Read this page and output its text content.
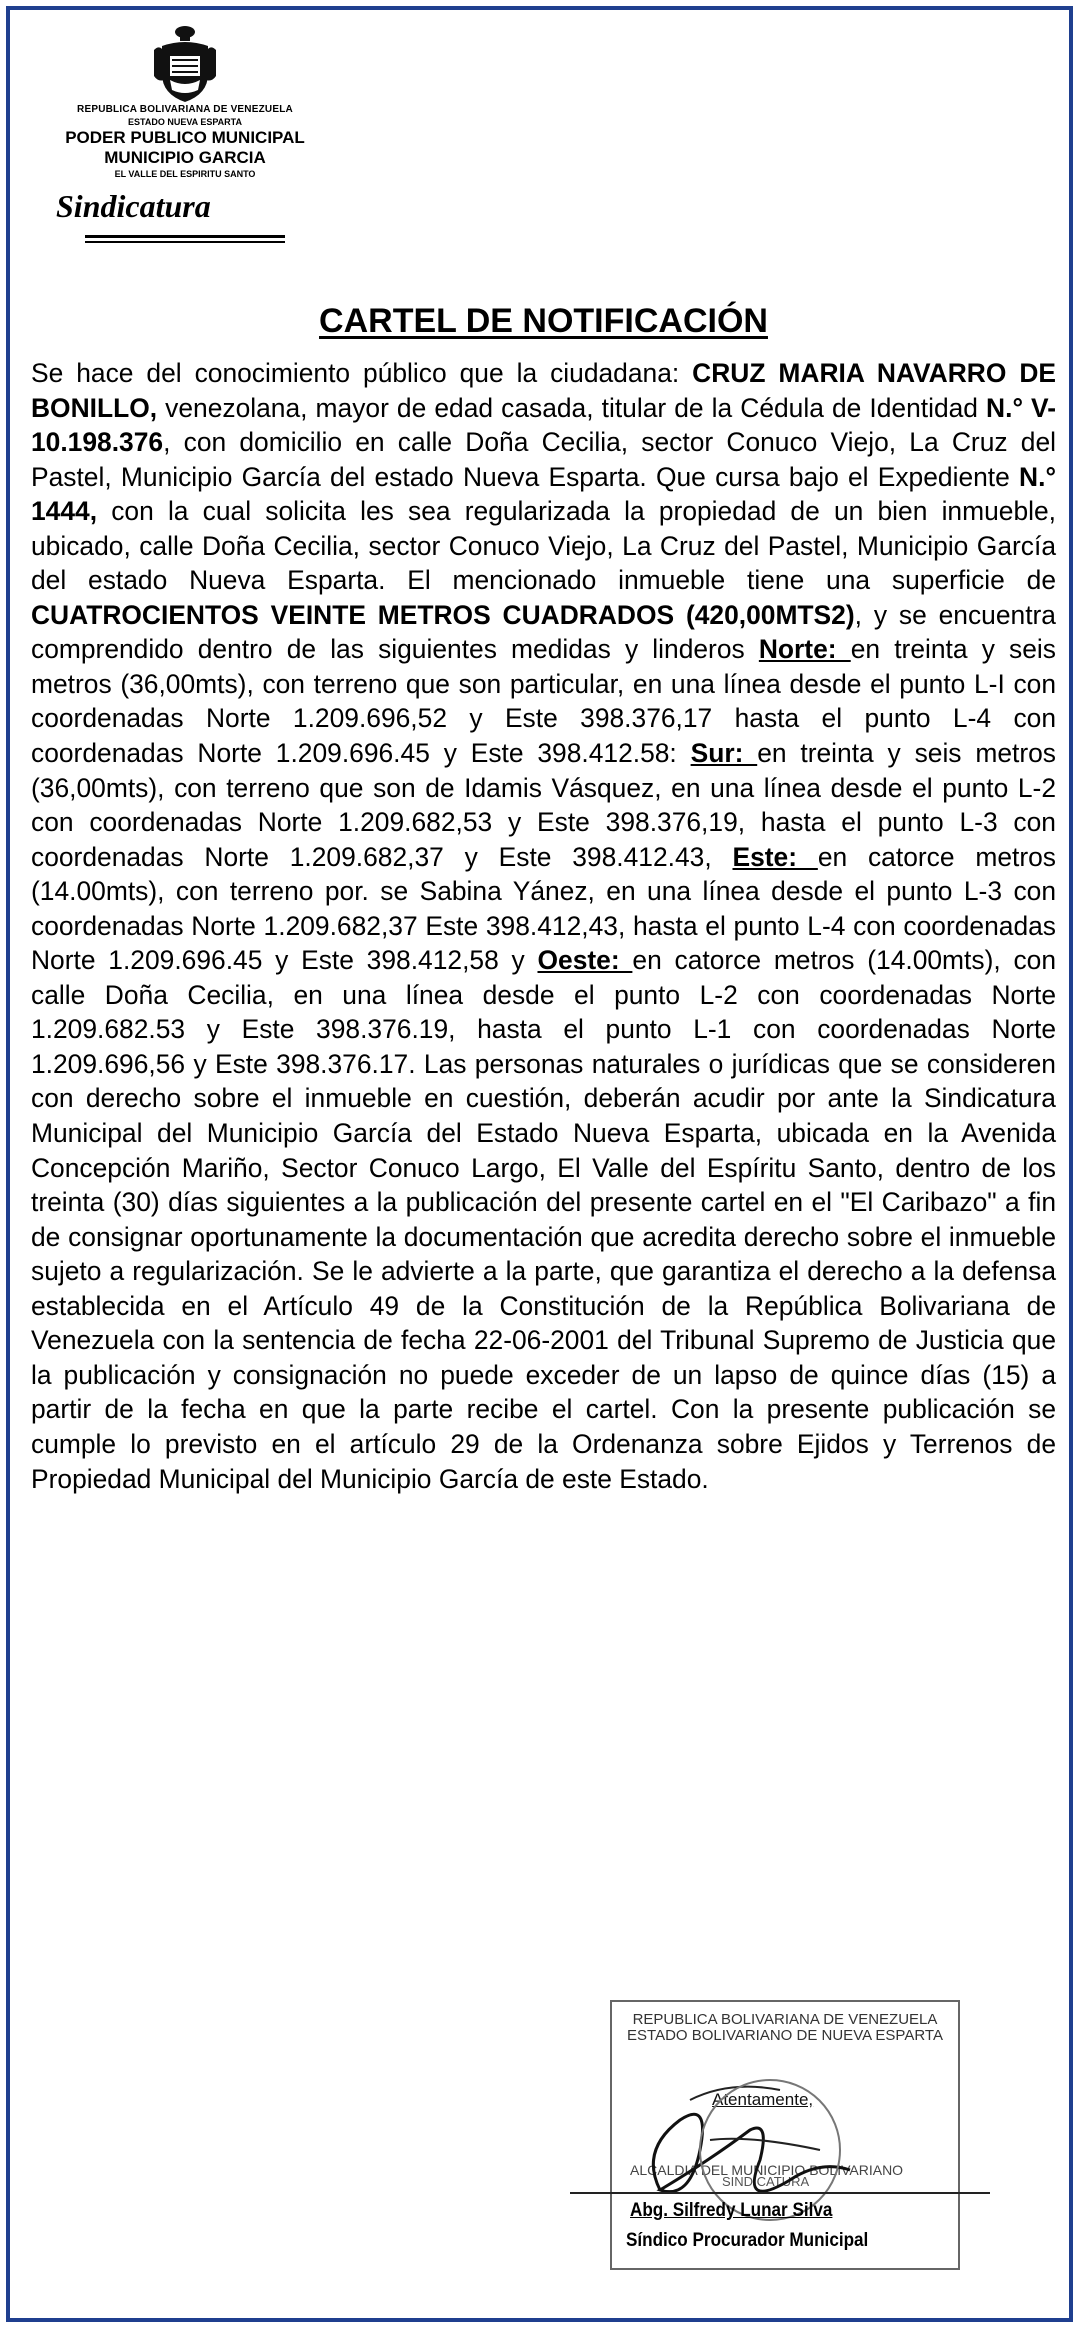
REPUBLICA BOLIVARIANA DE VENEZUELA
ESTADO NUEVA ESPARTA
PODER PUBLICO MUNICIPAL
MUNICIPIO GARCIA
EL VALLE DEL ESPIRITU SANTO
Sindicatura
CARTEL DE NOTIFICACIÓN
Se hace del conocimiento público que la ciudadana: CRUZ MARIA NAVARRO DE BONILLO, venezolana, mayor de edad casada, titular de la Cédula de Identidad N.° V-10.198.376, con domicilio en calle Doña Cecilia, sector Conuco Viejo, La Cruz del Pastel, Municipio García del estado Nueva Esparta. Que cursa bajo el Expediente N.° 1444, con la cual solicita les sea regularizada la propiedad de un bien inmueble, ubicado, calle Doña Cecilia, sector Conuco Viejo, La Cruz del Pastel, Municipio García del estado Nueva Esparta. El mencionado inmueble tiene una superficie de CUATROCIENTOS VEINTE METROS CUADRADOS (420,00MTS2), y se encuentra comprendido dentro de las siguientes medidas y linderos Norte: en treinta y seis metros (36,00mts), con terreno que son particular, en una línea desde el punto L-I con coordenadas Norte 1.209.696,52 y Este 398.376,17 hasta el punto L-4 con coordenadas Norte 1.209.696.45 y Este 398.412.58: Sur: en treinta y seis metros (36,00mts), con terreno que son de Idamis Vásquez, en una línea desde el punto L-2 con coordenadas Norte 1.209.682,53 y Este 398.376,19, hasta el punto L-3 con coordenadas Norte 1.209.682,37 y Este 398.412.43, Este: en catorce metros (14.00mts), con terreno por. se Sabina Yánez, en una línea desde el punto L-3 con coordenadas Norte 1.209.682,37 Este 398.412,43, hasta el punto L-4 con coordenadas Norte 1.209.696.45 y Este 398.412,58 y Oeste: en catorce metros (14.00mts), con calle Doña Cecilia, en una línea desde el punto L-2 con coordenadas Norte 1.209.682.53 y Este 398.376.19, hasta el punto L-1 con coordenadas Norte 1.209.696,56 y Este 398.376.17. Las personas naturales o jurídicas que se consideren con derecho sobre el inmueble en cuestión, deberán acudir por ante la Sindicatura Municipal del Municipio García del Estado Nueva Esparta, ubicada en la Avenida Concepción Mariño, Sector Conuco Largo, El Valle del Espíritu Santo, dentro de los treinta (30) días siguientes a la publicación del presente cartel en el "El Caribazo" a fin de consignar oportunamente la documentación que acredita derecho sobre el inmueble sujeto a regularización. Se le advierte a la parte, que garantiza el derecho a la defensa establecida en el Artículo 49 de la Constitución de la República Bolivariana de Venezuela con la sentencia de fecha 22-06-2001 del Tribunal Supremo de Justicia que la publicación y consignación no puede exceder de un lapso de quince días (15) a partir de la fecha en que la parte recibe el cartel. Con la presente publicación se cumple lo previsto en el artículo 29 de la Ordenanza sobre Ejidos y Terrenos de Propiedad Municipal del Municipio García de este Estado.
REPUBLICA BOLIVARIANA DE VENEZUELA
ESTADO BOLIVARIANO DE NUEVA ESPARTA
Atentamente,
ALCALDIA DEL MUNICIPIO BOLIVARIANO
SINDICATURA
Abg. Silfredy Lunar Silva
Síndico Procurador Municipal
